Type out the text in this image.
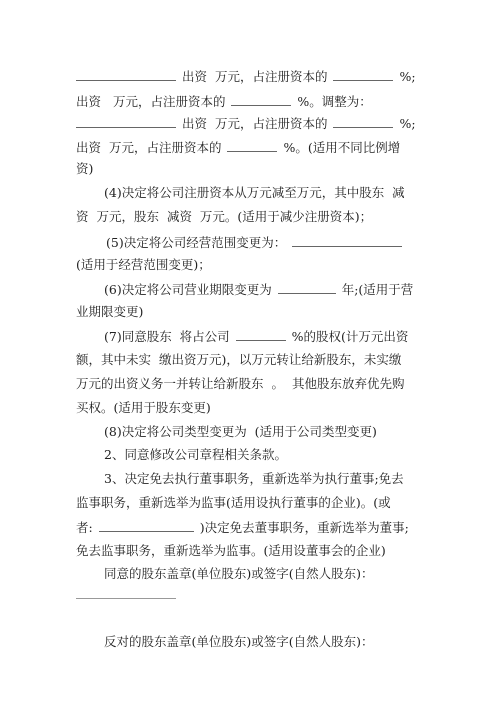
出资 万元，占注册资本的	%;
出资 万元，占注册资本的	%。调整为：
出资 万元，占注册资本的	%;
出资 万元，占注册资本的	%。(适用不同比例增
资)
(4)决定将公司注册资本从万元减至万元，其中股东 减
资 万元，股东 减资 万元。(适用于减少注册资本)；
(5)决定将公司经营范围变更为：
(适用于经营范围变更)；
(6)决定将公司营业期限变更为	年;(适用于营
业期限变更)
(7)同意股东 将占公司	%的股权(计万元出资
额，其中未实 缴出资万元)，以万元转让给新股东，未实缴
万元的出资义务一并转让给新股东 。 其他股东放弃优先购
买权。(适用于股东变更)
(8)决定将公司类型变更为 (适用于公司类型变更)
2、同意修改公司章程相关条款。
3、决定免去执行董事职务，重新选举为执行董事;免去
监事职务，重新选举为监事(适用设执行董事的企业)。(或
者:	)决定免去董事职务，重新选举为董事;
免去监事职务，重新选举为监事。(适用设董事会的企业)
同意的股东盖章(单位股东)或签字(自然人股东)：
反对的股东盖章(单位股东)或签字(自然人股东)：
